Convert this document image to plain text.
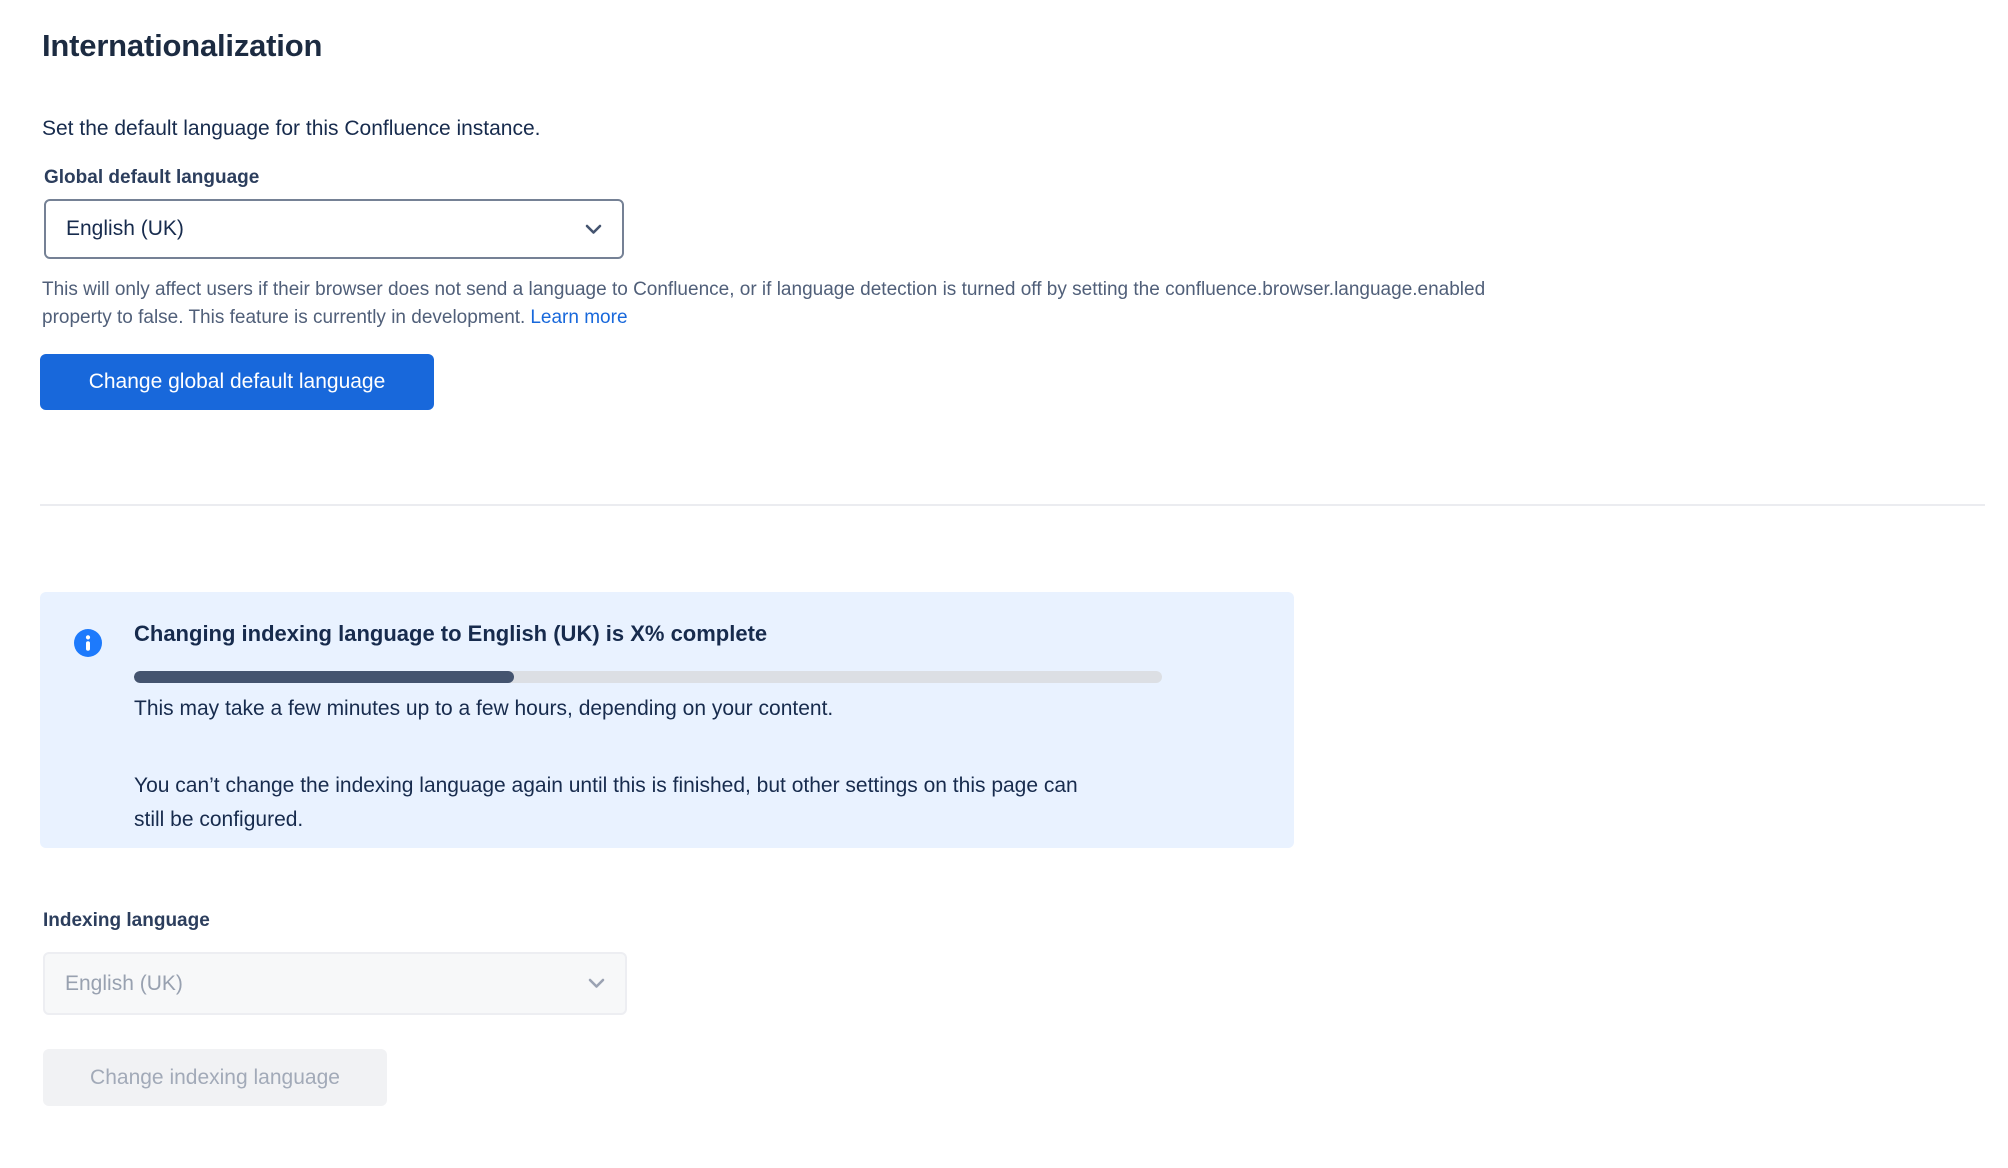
Internationalization
Set the default language for this Confluence instance.
Global default language
English (UK)
This will only affect users if their browser does not send a language to Confluence, or if language detection is turned off by setting the confluence.browser.language.enabled
property to false. This feature is currently in development. Learn more
Change global default language
Changing indexing language to English (UK) is X% complete
This may take a few minutes up to a few hours, depending on your content.
You can’t change the indexing language again until this is finished, but other settings on this page can
still be configured.
Indexing language
English (UK)
Change indexing language
